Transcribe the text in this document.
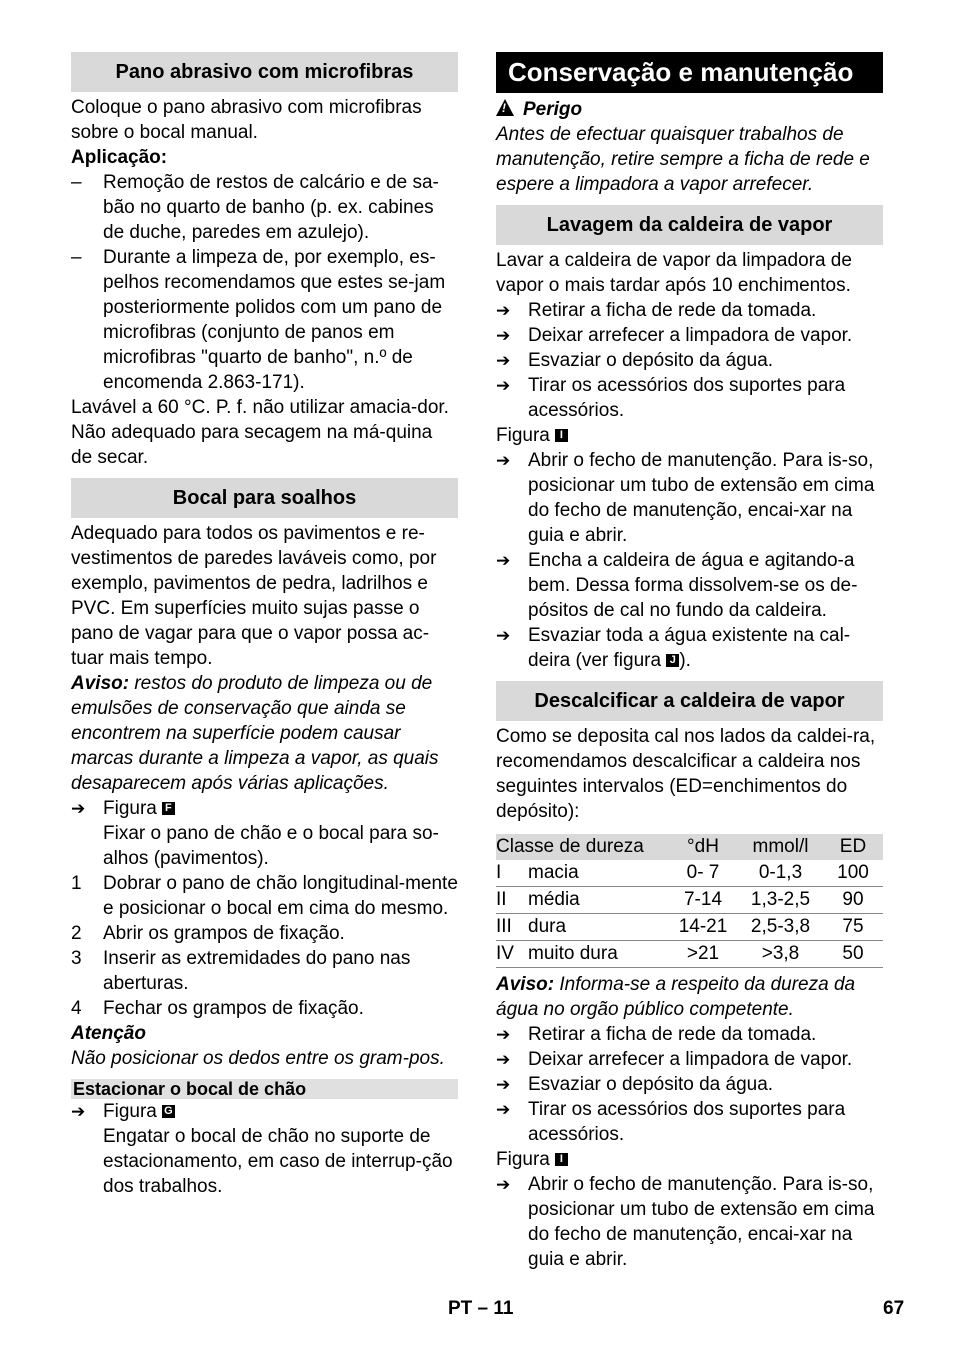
Pano abrasivo com microfibras

Coloque o pano abrasivo com microfibras sobre o bocal manual.

Aplicação:

–	Remoção de restos de calcário e de sa-bão no quarto de banho (p. ex. cabines de duche, paredes em azulejo).
–	Durante a limpeza de, por exemplo, es-pelhos recomendamos que estes se-jam posteriormente polidos com um pano de microfibras (conjunto de panos em microfibras "quarto de banho", n.º de encomenda 2.863-171).

Lavável a 60 °C. P. f. não utilizar amacia-dor. Não adequado para secagem na má-quina de secar.

Bocal para soalhos

Adequado para todos os pavimentos e re-vestimentos de paredes laváveis como, por exemplo, pavimentos de pedra, ladrilhos e PVC. Em superfícies muito sujas passe o pano de vagar para que o vapor possa ac-tuar mais tempo.

Aviso: restos do produto de limpeza ou de emulsões de conservação que ainda se encontrem na superfície podem causar marcas durante a limpeza a vapor, as quais desaparecem após várias aplicações.

➔ Figura F

Fixar o pano de chão e o bocal para so-alhos (pavimentos).

1	Dobrar o pano de chão longitudinal-mente e posicionar o bocal em cima do mesmo.
2	Abrir os grampos de fixação.
3	Inserir as extremidades do pano nas aberturas.
4	Fechar os grampos de fixação.

Atenção

Não posicionar os dedos entre os gram-pos.

Estacionar o bocal de chão
➔ Figura G

Engatar o bocal de chão no suporte de estacionamento, em caso de interrup-ção dos trabalhos.

Conservação e manutenção

!Perigo

Antes de efectuar quaisquer trabalhos de manutenção, retire sempre a ficha de rede e espere a limpadora a vapor arrefecer.

Lavagem da caldeira de vapor

Lavar a caldeira de vapor da limpadora de vapor o mais tardar após 10 enchimentos.

➔ Retirar a ficha de rede da tomada.
➔ Deixar arrefecer a limpadora de vapor.
➔ Esvaziar o depósito da água.
➔ Tirar os acessórios dos suportes para acessórios.

Figura I

➔ Abrir o fecho de manutenção. Para is-so, posicionar um tubo de extensão em cima do fecho de manutenção, encai-xar na guia e abrir.
➔ Encha a caldeira de água e agitando-a bem. Dessa forma dissolvem-se os de-pósitos de cal no fundo da caldeira.
➔ Esvaziar toda a água existente na cal-deira (ver figura J ).
Descalcificar a caldeira de vapor

Como se deposita cal nos lados da caldei-ra, recomendamos descalcificar a caldeira nos seguintes intervalos (ED=enchimentos do depósito):

Classe de dureza		°dH	mmol/l	ED
I	macia	0- 7	0-1,3	100
II	média	7-14	1,3-2,5	90
III	dura	14-21	2,5-3,8	75
IV	muito dura	>21	>3,8	50

Aviso: Informa-se a respeito da dureza da água no orgão público competente.

➔ Retirar a ficha de rede da tomada.
➔ Deixar arrefecer a limpadora de vapor.
➔ Esvaziar o depósito da água.
➔ Tirar os acessórios dos suportes para acessórios.

Figura I

➔ Abrir o fecho de manutenção. Para is-so, posicionar um tubo de extensão em cima do fecho de manutenção, encai-xar na guia e abrir.
PT – 11	67
